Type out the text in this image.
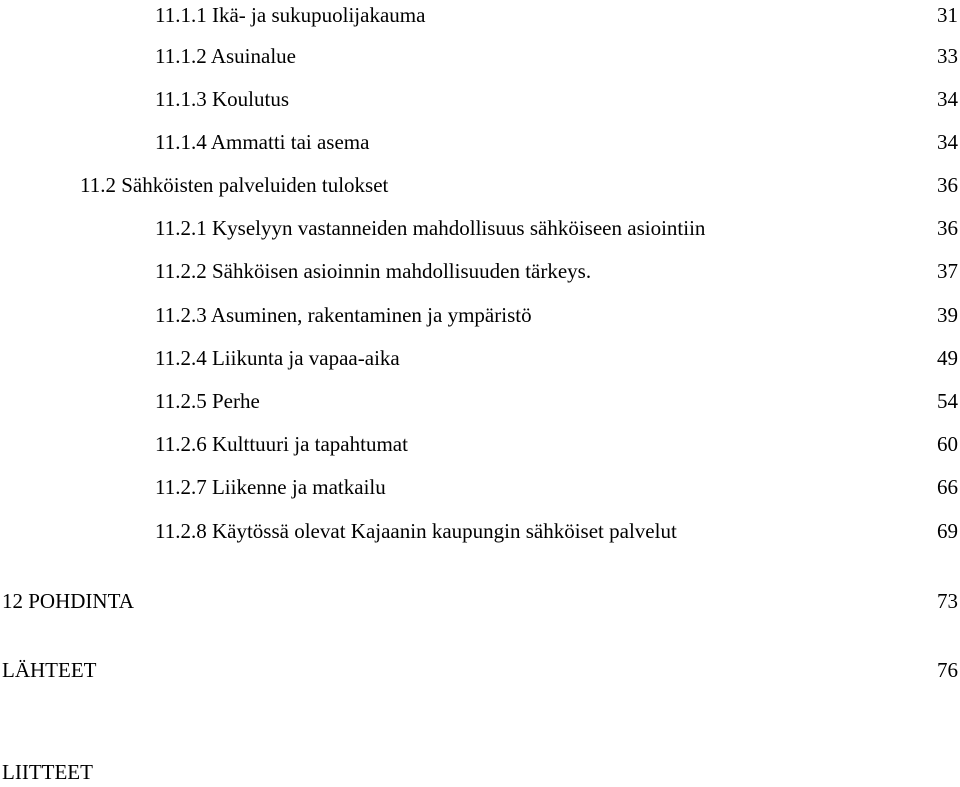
11.1.1 Ikä- ja sukupuolijakauma	31
11.1.2 Asuinalue	33
11.1.3 Koulutus	34
11.1.4 Ammatti tai asema	34
11.2 Sähköisten palveluiden tulokset	36
11.2.1 Kyselyyn vastanneiden mahdollisuus sähköiseen asiointiin	36
11.2.2 Sähköisen asioinnin mahdollisuuden tärkeys.	37
11.2.3 Asuminen, rakentaminen ja ympäristö	39
11.2.4 Liikunta ja vapaa-aika	49
11.2.5 Perhe	54
11.2.6 Kulttuuri ja tapahtumat	60
11.2.7 Liikenne ja matkailu	66
11.2.8 Käytössä olevat Kajaanin kaupungin sähköiset palvelut	69
12 POHDINTA	73
LÄHTEET	76
LIITTEET
